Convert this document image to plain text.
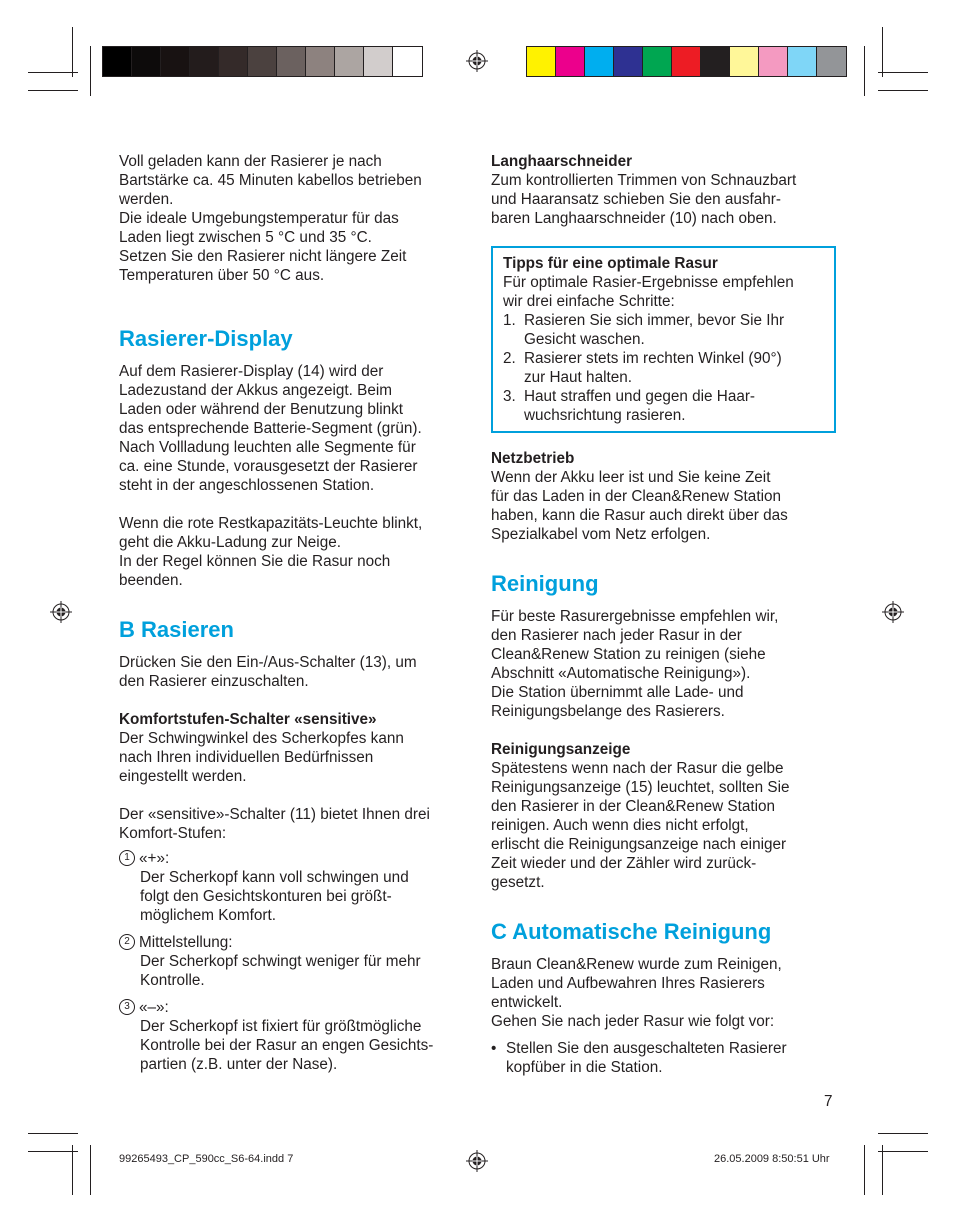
Voll geladen kann der Rasierer je nach

Bartstärke ca. 45 Minuten kabellos betrieben

werden.

Die ideale Umgebungstemperatur für das

Laden liegt zwischen 5 °C und 35 °C.

Setzen Sie den Rasierer nicht längere Zeit

Temperaturen über 50 °C aus.

Rasierer-Display

Auf dem Rasierer-Display (14) wird der

Ladezustand der Akkus angezeigt. Beim

Laden oder während der Benutzung blinkt

das entsprechende Batterie-Segment (grün).

Nach Vollladung leuchten alle Segmente für

ca. eine Stunde, vorausgesetzt der Rasierer

steht in der angeschlossenen Station.

Wenn die rote Restkapazitäts-Leuchte blinkt,

geht die Akku-Ladung zur Neige.

In der Regel können Sie die Rasur noch

beenden.

B Rasieren

Drücken Sie den Ein-/Aus-Schalter (13), um

den Rasierer einzuschalten.

Komfortstufen-Schalter «sensitive»

Der Schwingwinkel des Scherkopfes kann

nach Ihren individuellen Bedürfnissen

eingestellt werden.

Der «sensitive»-Schalter (11) bietet Ihnen drei

Komfort-Stufen:

1 «+»:

Der Scherkopf kann voll schwingen und

folgt den Gesichtskonturen bei größt-

möglichem Komfort.

2 Mittelstellung:

Der Scherkopf schwingt weniger für mehr

Kontrolle.

3 «–»:

Der Scherkopf ist fixiert für größtmögliche

Kontrolle bei der Rasur an engen Gesichts-

partien (z.B. unter der Nase).

Langhaarschneider

Zum kontrollierten Trimmen von Schnauzbart

und Haaransatz schieben Sie den ausfahr-

baren Langhaarschneider (10) nach oben.

Tipps für eine optimale Rasur

Für optimale Rasier-Ergebnisse empfehlen

wir drei einfache Schritte:

1. Rasieren Sie sich immer, bevor Sie Ihr

Gesicht waschen.

2. Rasierer stets im rechten Winkel (90°)

zur Haut halten.

3. Haut straffen und gegen die Haar-

wuchsrichtung rasieren.

Netzbetrieb

Wenn der Akku leer ist und Sie keine Zeit

für das Laden in der Clean&Renew Station

haben, kann die Rasur auch direkt über das

Spezialkabel vom Netz erfolgen.

Reinigung

Für beste Rasurergebnisse empfehlen wir,

den Rasierer nach jeder Rasur in der

Clean&Renew Station zu reinigen (siehe

Abschnitt «Automatische Reinigung»).

Die Station übernimmt alle Lade- und

Reinigungsbelange des Rasierers.

Reinigungsanzeige

Spätestens wenn nach der Rasur die gelbe

Reinigungsanzeige (15) leuchtet, sollten Sie

den Rasierer in der Clean&Renew Station

reinigen. Auch wenn dies nicht erfolgt,

erlischt die Reinigungsanzeige nach einiger

Zeit wieder und der Zähler wird zurück-

gesetzt.

C Automatische Reinigung

Braun Clean&Renew wurde zum Reinigen,

Laden und Aufbewahren Ihres Rasierers

entwickelt.

Gehen Sie nach jeder Rasur wie folgt vor:

• Stellen Sie den ausgeschalteten Rasierer

kopfüber in die Station.

7
99265493_CP_590cc_S6-64.indd 7	26.05.2009 8:50:51 Uhr
